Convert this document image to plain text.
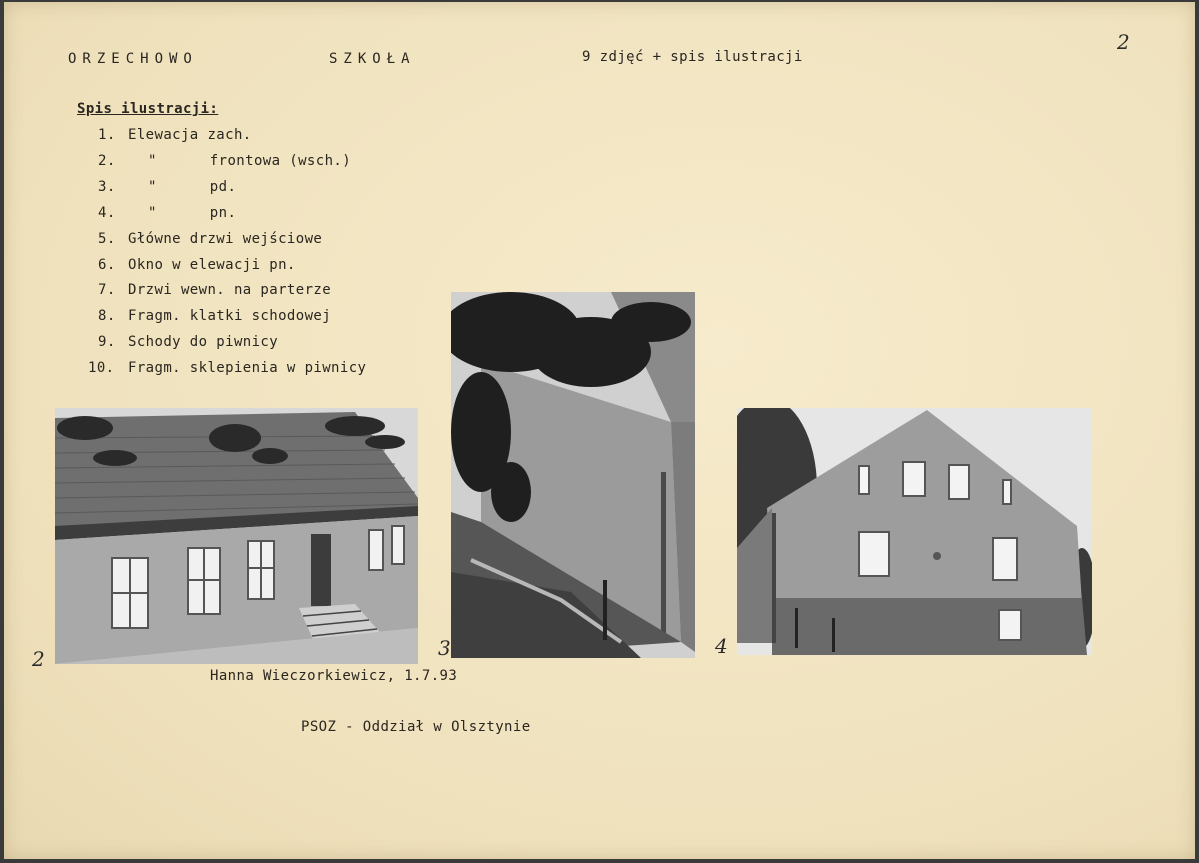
ORZECHOWO	SZKOŁA	9 zdjęć + spis ilustracji
2
Spis ilustracji:
1. Elewacja zach.
2. "      frontowa (wsch.)
3. "      pd.
4. "      pn.
5. Główne drzwi wejściowe
6. Okno w elewacji pn.
7. Drzwi wewn. na parterze
8. Fragm. klatki schodowej
9. Schody do piwnicy
10. Fragm. sklepienia w piwnicy
2	3	4
Hanna Wieczorkiewicz, 1.7.93
PSOZ - Oddział w Olsztynie
